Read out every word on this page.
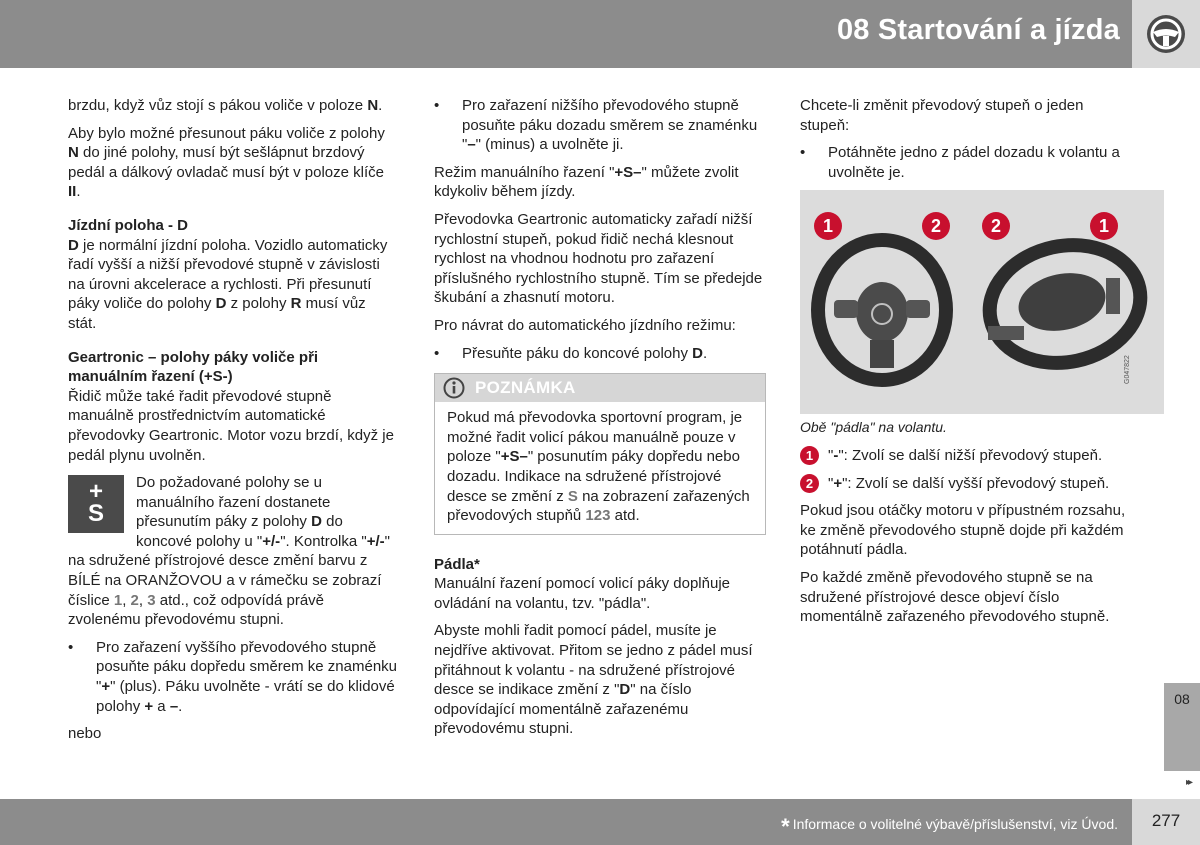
08 Startování a jízda

brzdu, když vůz stojí s pákou voliče v poloze N.

Aby bylo možné přesunout páku voliče z polohy N do jiné polohy, musí být sešlápnut brzdový pedál a dálkový ovladač musí být v poloze klíče II.

Jízdní poloha - D

D je normální jízdní poloha. Vozidlo automaticky řadí vyšší a nižší převodové stupně v závislosti na úrovni akcelerace a rychlosti. Při přesunutí páky voliče do polohy D z polohy R musí vůz stát.

Geartronic – polohy páky voliče při manuálním řazení (+S-)

Řidič může také řadit převodové stupně manuálně prostřednictvím automatické převodovky Geartronic. Motor vozu brzdí, když je pedál plynu uvolněn.

+
S
–

Do požadované polohy se u manuálního řazení dostanete přesunutím páky z polohy D do koncové polohy u "+/-". Kontrolka "+/-" na sdružené přístrojové desce změní barvu z BÍLÉ na ORANŽOVOU a v rámečku se zobrazí číslice 1, 2, 3 atd., což odpovídá právě zvolenému převodovému stupni.

• Pro zařazení vyššího převodového stupně posuňte páku dopředu směrem ke znaménku "+" (plus). Páku uvolněte - vrátí se do klidové polohy + a –.

nebo

• Pro zařazení nižšího převodového stupně posuňte páku dozadu směrem se znaménku "–" (minus) a uvolněte ji.

Režim manuálního řazení "+S–" můžete zvolit kdykoliv během jízdy.

Převodovka Geartronic automaticky zařadí nižší rychlostní stupeň, pokud řidič nechá klesnout rychlost na vhodnou hodnotu pro zařazení příslušného rychlostního stupně. Tím se předejde škubání a zhasnutí motoru.

Pro návrat do automatického jízdního režimu:

• Přesuňte páku do koncové polohy D.

POZNÁMKA
Pokud má převodovka sportovní program, je možné řadit volicí pákou manuálně pouze v poloze "+S–" posunutím páky dopředu nebo dozadu. Indikace na sdružené přístrojové desce se změní z S na zobrazení zařazených převodových stupňů 123 atd.
Pádla*

Manuální řazení pomocí volicí páky doplňuje ovládání na volantu, tzv. "pádla".

Abyste mohli řadit pomocí pádel, musíte je nejdříve aktivovat. Přitom se jedno z pádel musí přitáhnout k volantu - na sdružené přístrojové desce se indikace změní z "D" na číslo odpovídající momentálně zařazenému převodovému stupni.

Chcete-li změnit převodový stupeň o jeden stupeň:

• Potáhněte jedno z pádel dozadu k volantu a uvolněte je.

1	2	2	1
G047822

Obě "pádla" na volantu.

1 "-": Zvolí se další nižší převodový stupeň.

2 "+": Zvolí se další vyšší převodový stupeň.

Pokud jsou otáčky motoru v přípustném rozsahu, ke změně převodového stupně dojde při každém potáhnutí pádla.

Po každé změně převodového stupně se na sdružené přístrojové desce objeví číslo momentálně zařazeného převodového stupně.

08
▸▸
* Informace o volitelné výbavě/příslušenství, viz Úvod.	277
